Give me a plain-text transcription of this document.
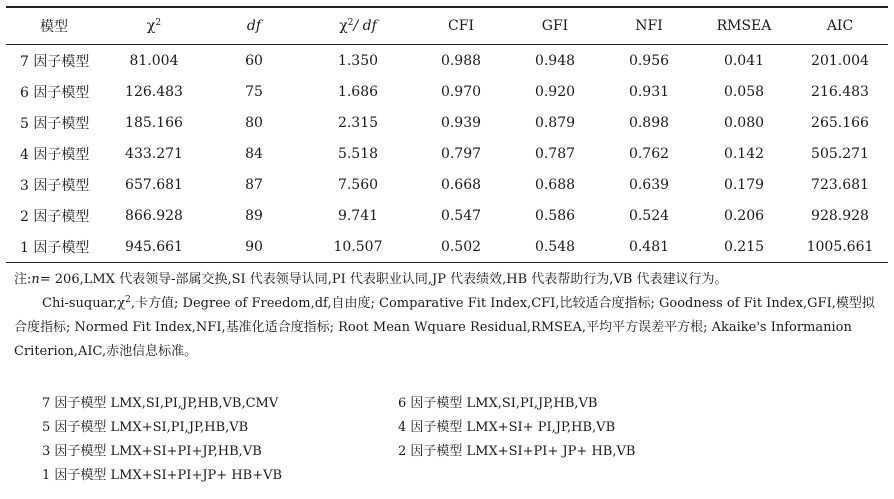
模型	$\chi^2$	df	$\chi^2/$ df	CFI	GFI	NFI	RMSEA	AIC
7 因子模型	81.004	60	1.350	0.988	0.948	0.956	0.041	201.004
6 因子模型	126.483	75	1.686	0.970	0.920	0.931	0.058	216.483
5 因子模型	185.166	80	2.315	0.939	0.879	0.898	0.080	265.166
4 因子模型	433.271	84	5.518	0.797	0.787	0.762	0.142	505.271
3 因子模型	657.681	87	7.560	0.668	0.688	0.639	0.179	723.681
2 因子模型	866.928	89	9.741	0.547	0.586	0.524	0.206	928.928
1 因子模型	945.661	90	10.507	0.502	0.548	0.481	0.215	1005.661

注:n= 206,LMX 代表领导-部属交换,SI 代表领导认同,PI 代表职业认同,JP 代表绩效,HB 代表帮助行为,VB 代表建议行为。

Chi-$suquar,\chi^2$,卡方值; Degree of Freedom,df,自由度; Comparative Fit Index,CFI,比较适合度指标; Goodness of Fit Index,GFI,模型拟合度指标; Normed Fit Index,NFI,基准化适合度指标; Root Mean Wquare Residual,RMSEA,平均平方误差平方根; Akaike's Informanion Criterion,AIC,赤池信息标准。

7 因子模型 LMX,SI,PI,JP,HB,VB,CMV	6 因子模型 LMX,SI,PI,JP,HB,VB
5 因子模型 LMX+SI,PI,JP,HB,VB	4 因子模型 LMX+SI+ PI,JP,HB,VB
3 因子模型 LMX+SI+PI+JP,HB,VB	2 因子模型 LMX+SI+PI+ JP+ HB,VB
1 因子模型 LMX+SI+PI+JP+ HB+VB
